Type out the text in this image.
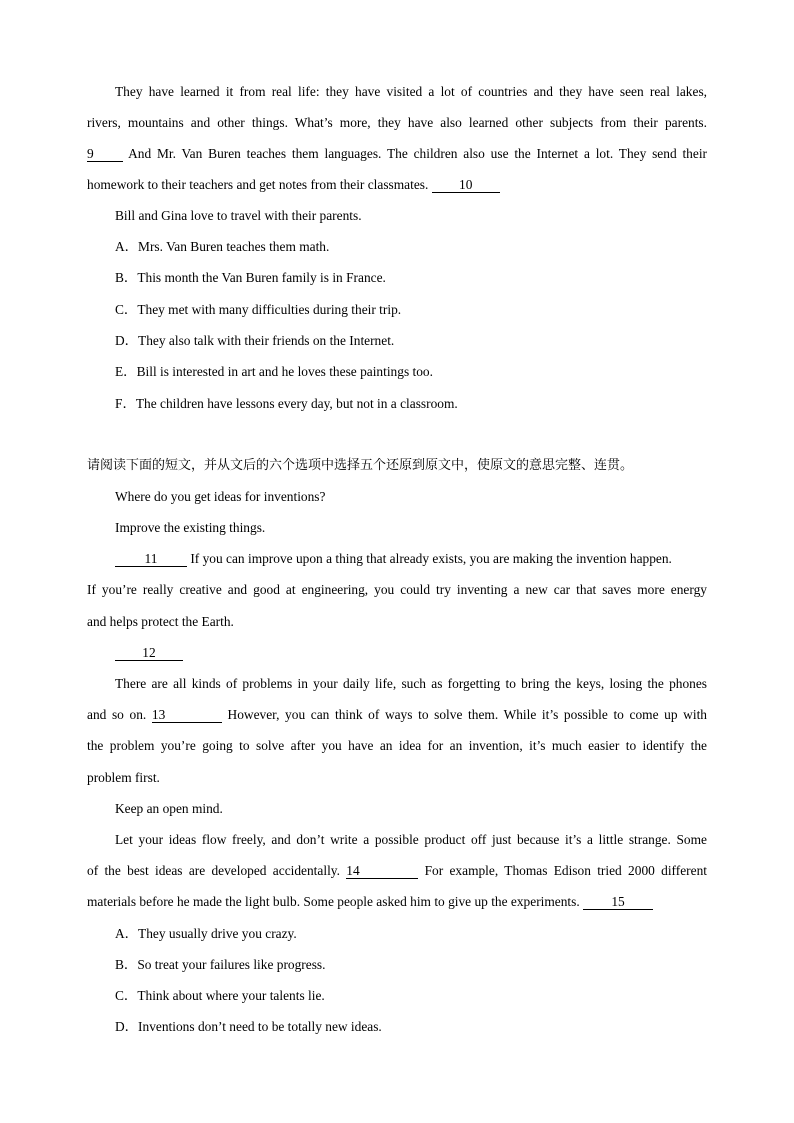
They have learned it from real life: they have visited a lot of countries and they have seen real lakes,
rivers, mountains and other things. What’s more, they have also learned other subjects from their parents.
9 And Mr. Van Buren teaches them languages. The children also use the Internet a lot. They send their
homework to their teachers and get notes from their classmates. 10
Bill and Gina love to travel with their parents.
A．Mrs. Van Buren teaches them math.
B．This month the Van Buren family is in France.
C．They met with many difficulties during their trip.
D．They also talk with their friends on the Internet.
E．Bill is interested in art and he loves these paintings too.
F．The children have lessons every day, but not in a classroom.
请阅读下面的短文，并从文后的六个选项中选择五个还原到原文中，使原文的意思完整、连贯。
Where do you get ideas for inventions?
Improve the existing things.
11 If you can improve upon a thing that already exists, you are making the invention happen.
If you’re really creative and good at engineering, you could try inventing a new car that saves more energy
and helps protect the Earth.
12
There are all kinds of problems in your daily life, such as forgetting to bring the keys, losing the phones
and so on. 13	However, you can think of ways to solve them. While it’s possible to come up with
the problem you’re going to solve after you have an idea for an invention, it’s much easier to identify the
problem first.
Keep an open mind.
Let your ideas flow freely, and don’t write a possible product off just because it’s a little strange. Some
of the best ideas are developed accidentally. 14	For example, Thomas Edison tried 2000 different
materials before he made the light bulb. Some people asked him to give up the experiments. 15
A．They usually drive you crazy.
B．So treat your failures like progress.
C．Think about where your talents lie.
D．Inventions don’t need to be totally new ideas.
